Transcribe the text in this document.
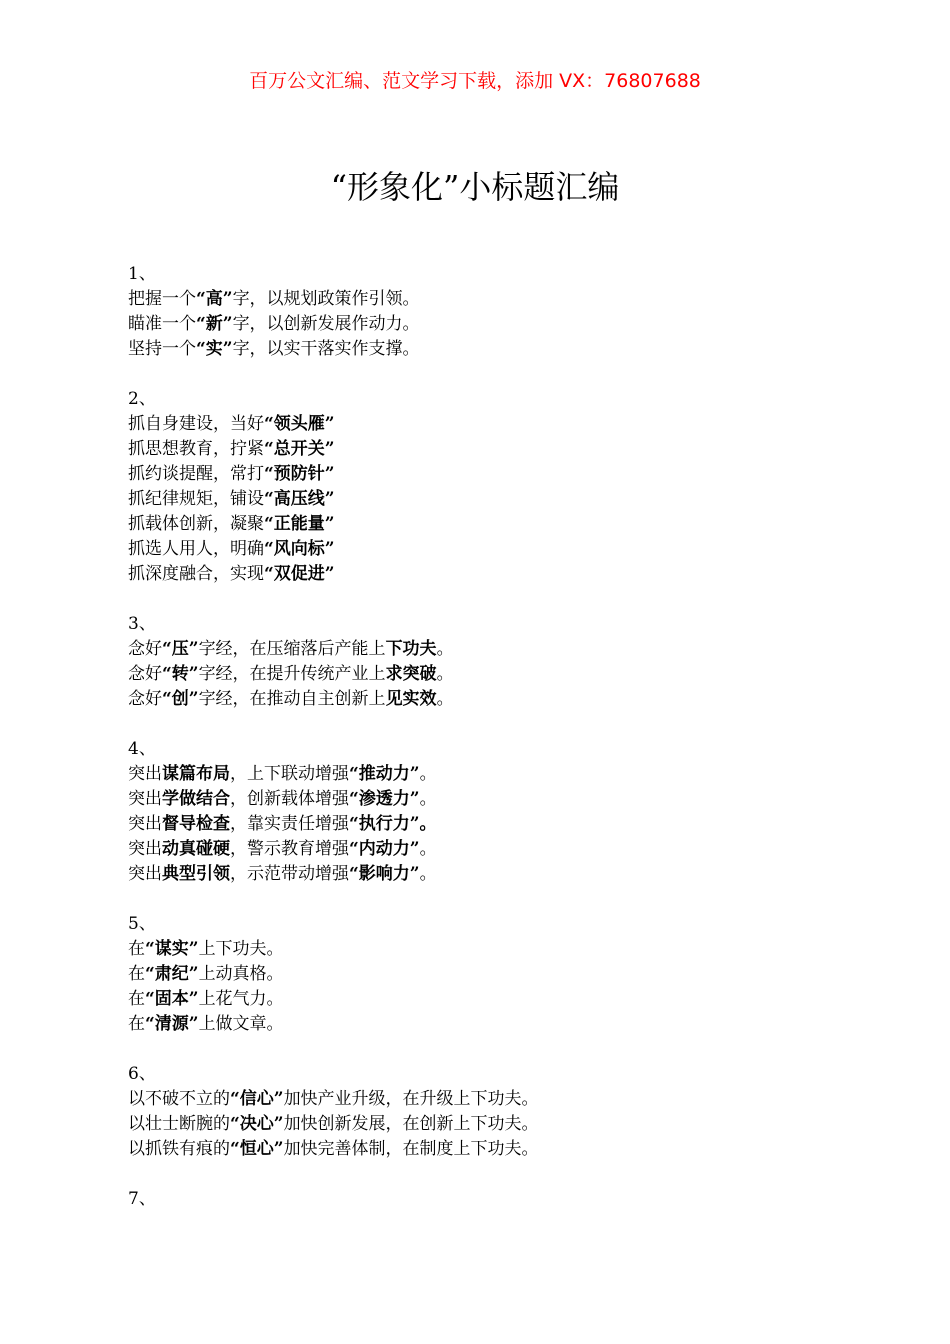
百万公文汇编、范文学习下载，添加 VX：76807688
“形象化”小标题汇编
1、
把握一个“高”字，以规划政策作引领。
瞄准一个“新”字，以创新发展作动力。
坚持一个“实”字，以实干落实作支撑。
2、
抓自身建设，当好“领头雁”
抓思想教育，拧紧“总开关”
抓约谈提醒，常打“预防针”
抓纪律规矩，铺设“高压线”
抓载体创新，凝聚“正能量”
抓选人用人，明确“风向标”
抓深度融合，实现“双促进”
3、
念好“压”字经，在压缩落后产能上下功夫。
念好“转”字经，在提升传统产业上求突破。
念好“创”字经，在推动自主创新上见实效。
4、
突出谋篇布局，上下联动增强“推动力”。
突出学做结合，创新载体增强“渗透力”。
突出督导检查，靠实责任增强“执行力”。
突出动真碰硬，警示教育增强“内动力”。
突出典型引领，示范带动增强“影响力”。
5、
在“谋实”上下功夫。
在“肃纪”上动真格。
在“固本”上花气力。
在“清源”上做文章。
6、
以不破不立的“信心”加快产业升级，在升级上下功夫。
以壮士断腕的“决心”加快创新发展，在创新上下功夫。
以抓铁有痕的“恒心”加快完善体制，在制度上下功夫。
7、
